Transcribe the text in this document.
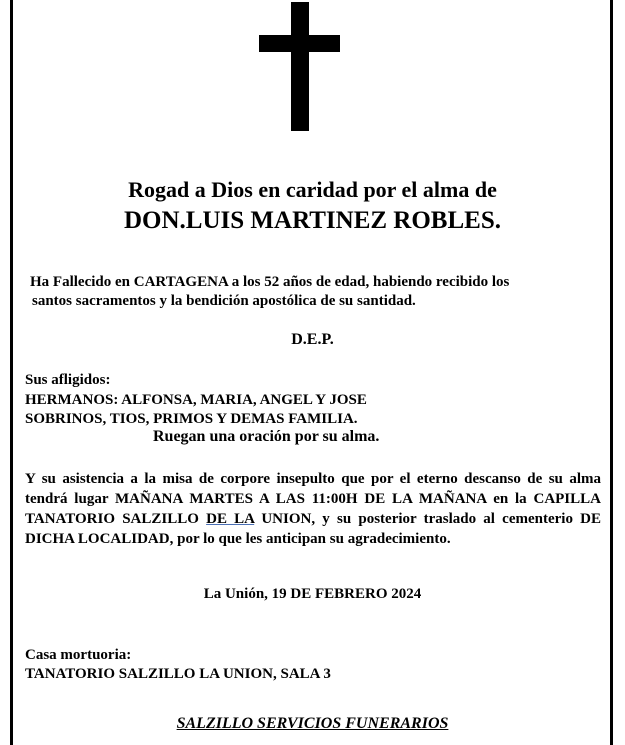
Rogad a Dios en caridad por el alma de
DON.LUIS MARTINEZ ROBLES.
Ha Fallecido en CARTAGENA a los 52 años de edad, habiendo recibido los
santos sacramentos y la bendición apostólica de su santidad.
D.E.P.
Sus afligidos:
HERMANOS: ALFONSA, MARIA, ANGEL Y JOSE
SOBRINOS, TIOS, PRIMOS Y DEMAS FAMILIA.
Ruegan una oración por su alma.
Y su asistencia a la misa de corpore insepulto que por el eterno descanso de su alma tendrá lugar MAÑANA MARTES A LAS 11:00H DE LA MAÑANA en la CAPILLA TANATORIO SALZILLO DE LA UNION, y su posterior traslado al cementerio DE DICHA LOCALIDAD, por lo que les anticipan su agradecimiento.
La Unión, 19 DE FEBRERO 2024
Casa mortuoria:
TANATORIO SALZILLO LA UNION, SALA 3
SALZILLO SERVICIOS FUNERARIOS
